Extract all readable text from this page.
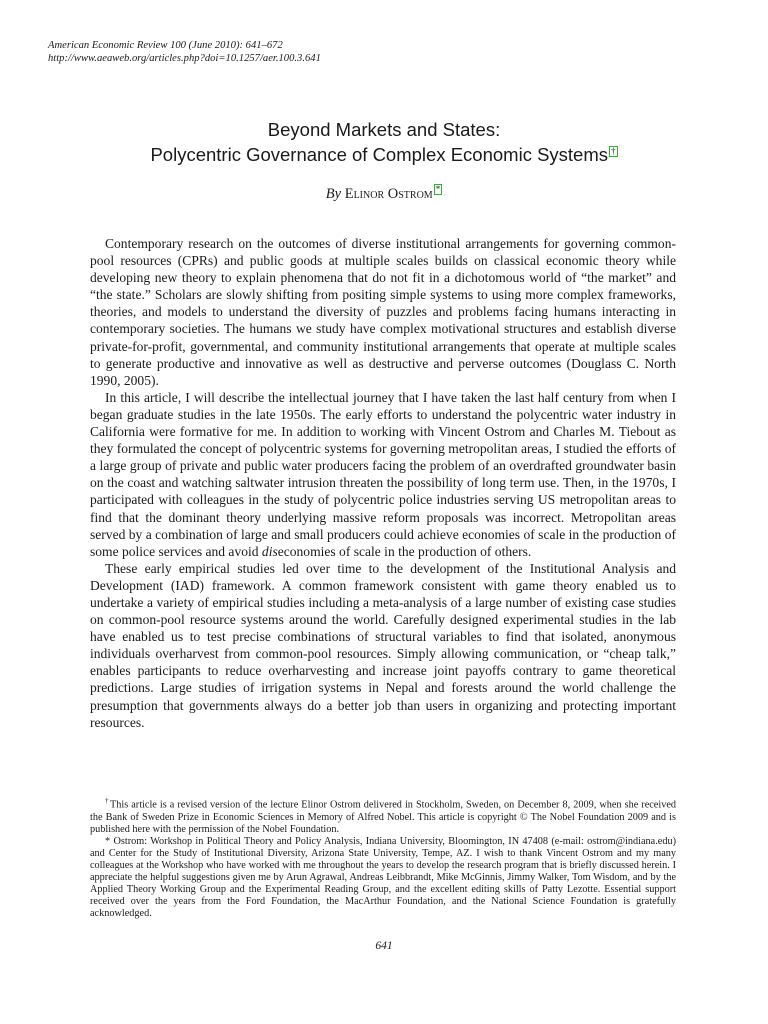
American Economic Review 100 (June 2010): 641–672
http://www.aeaweb.org/articles.php?doi=10.1257/aer.100.3.641
Beyond Markets and States:
Polycentric Governance of Complex Economic Systems †
By Elinor Ostrom *

Contemporary research on the outcomes of diverse institutional arrangements for governing common-pool resources (CPRs) and public goods at multiple scales builds on classical economic theory while developing new theory to explain phenomena that do not fit in a dichotomous world of “the market” and “the state.” Scholars are slowly shifting from positing simple systems to using more complex frameworks, theories, and models to understand the diversity of puzzles and problems facing humans interacting in contemporary societies. The humans we study have complex motivational structures and establish diverse private-for-profit, governmental, and community institutional arrangements that operate at multiple scales to generate productive and innovative as well as destructive and perverse outcomes (Douglass C. North 1990, 2005).

In this article, I will describe the intellectual journey that I have taken the last half century from when I began graduate studies in the late 1950s. The early efforts to understand the polycentric water industry in California were formative for me. In addition to working with Vincent Ostrom and Charles M. Tiebout as they formulated the concept of polycentric systems for governing metropolitan areas, I studied the efforts of a large group of private and public water producers facing the problem of an overdrafted groundwater basin on the coast and watching saltwater intrusion threaten the possibility of long term use. Then, in the 1970s, I participated with colleagues in the study of polycentric police industries serving US metropolitan areas to find that the dominant theory underlying massive reform proposals was incorrect. Metropolitan areas served by a combination of large and small producers could achieve economies of scale in the production of some police services and avoid diseconomies of scale in the production of others.

These early empirical studies led over time to the development of the Institutional Analysis and Development (IAD) framework. A common framework consistent with game theory enabled us to undertake a variety of empirical studies including a meta-analysis of a large number of existing case studies on common-pool resource systems around the world. Carefully designed experimental studies in the lab have enabled us to test precise combinations of structural variables to find that isolated, anonymous individuals overharvest from common-pool resources. Simply allowing communication, or “cheap talk,” enables participants to reduce overharvesting and increase joint payoffs contrary to game theoretical predictions. Large studies of irrigation systems in Nepal and forests around the world challenge the presumption that governments always do a better job than users in organizing and protecting important resources.

†This article is a revised version of the lecture Elinor Ostrom delivered in Stockholm, Sweden, on December 8, 2009, when she received the Bank of Sweden Prize in Economic Sciences in Memory of Alfred Nobel. This article is copyright © The Nobel Foundation 2009 and is published here with the permission of the Nobel Foundation.

* Ostrom: Workshop in Political Theory and Policy Analysis, Indiana University, Bloomington, IN 47408 (e-mail: ostrom@indiana.edu) and Center for the Study of Institutional Diversity, Arizona State University, Tempe, AZ. I wish to thank Vincent Ostrom and my many colleagues at the Workshop who have worked with me throughout the years to develop the research program that is briefly discussed herein. I appreciate the helpful suggestions given me by Arun Agrawal, Andreas Leibbrandt, Mike McGinnis, Jimmy Walker, Tom Wisdom, and by the Applied Theory Working Group and the Experimental Reading Group, and the excellent editing skills of Patty Lezotte. Essential support received over the years from the Ford Foundation, the MacArthur Foundation, and the National Science Foundation is gratefully acknowledged.

641
